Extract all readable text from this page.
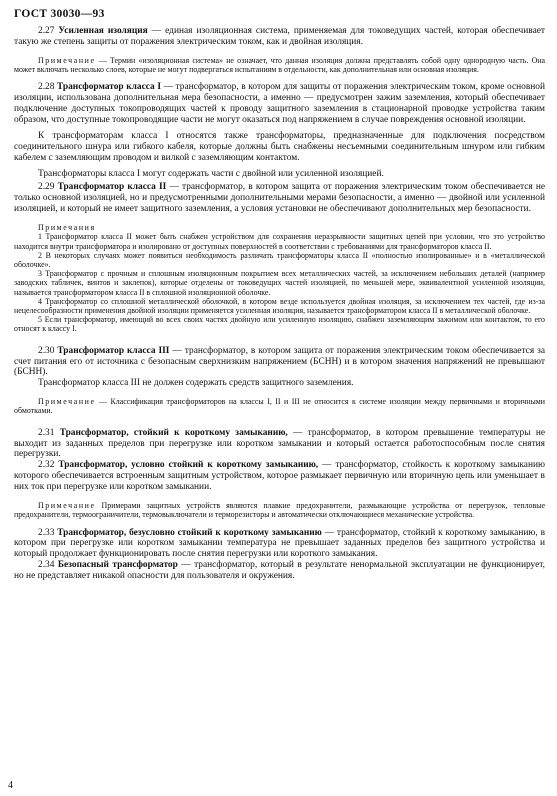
ГОСТ 30030—93

2.27 Усиленная изоляция — единая изоляционная система, применяемая для токоведущих частей, которая обеспечивает такую же степень защиты от поражения электрическим током, как и двойная изоляция.

Примечание — Термин «изоляционная система» не означает, что данная изоляция должна представлять собой одну однородную часть. Она может включать несколько слоев, которые не могут подвергаться испытаниям в отдельности, как дополнительная или основная изоляция.

2.28 Трансформатор класса I — трансформатор, в котором для защиты от поражения электрическим током, кроме основной изоляции, использована дополнительная мера безопасности, а именно — предусмотрен зажим заземления, который обеспечивает подключение доступных токопроводящих частей к проводу защитного заземления в стационарной проводке устройства таким образом, что доступные токопроводящие части не могут оказаться под напряжением в случае повреждения основной изоляции.

К трансформаторам класса I относятся также трансформаторы, предназначенные для подключения посредством соединительного шнура или гибкого кабеля, которые должны быть снабжены несъемными соединительным шнуром или гибким кабелем с заземляющим проводом и вилкой с заземляющим контактом.

Трансформаторы класса I могут содержать части с двойной или усиленной изоляцией.

2.29 Трансформатор класса II — трансформатор, в котором защита от поражения электрическим током обеспечивается не только основной изоляцией, но и предусмотренными дополнительными мерами безопасности, а именно — двойной или усиленной изоляцией, и который не имеет защитного заземления, а условия установки не обеспечивают дополнительных мер безопасности.

Примечания

1 Трансформатор класса II может быть снабжен устройством для сохранения неразрывности защитных цепей при условии, что это устройство находится внутри трансформатора и изолировано от доступных поверхностей в соответствии с требованиями для трансформаторов класса II.

2 В некоторых случаях может появиться необходимость различать трансформаторы класса II «полностью изолированные» и в «металлической оболочке».

3 Трансформатор с прочным и сплошным изоляционным покрытием всех металлических частей, за исключением небольших деталей (например заводских табличек, винтов и заклепок), которые отделены от токоведущих частей изоляцией, по меньшей мере, эквивалентной усиленной изоляции, называется трансформатором класса II в сплошной изоляционной оболочке.

4 Трансформатор со сплошной металлической оболочкой, в котором везде используется двойная изоляция, за исключением тех частей, где из-за нецелесообразности применения двойной изоляции применяется усиленная изоляция, называется трансформатором класса II в металлической оболочке.

5 Если трансформатор, имеющий во всех своих частях двойную или усиленную изоляцию, снабжен заземляющим зажимом или контактом, то его относят к классу I.

2.30 Трансформатор класса III — трансформатор, в котором защита от поражения электрическим током обеспечивается за счет питания его от источника с безопасным сверхнизким напряжением (БСНН) и в котором значения напряжений не превышают (БСНН).

Трансформатор класса III не должен содержать средств защитного заземления.

Примечание — Классификация трансформаторов на классы I, II и III не относится к системе изоляции между первичными и вторичными обмотками.

2.31 Трансформатор, стойкий к короткому замыканию, — трансформатор, в котором превышение температуры не выходит из заданных пределов при перегрузке или коротком замыкании и который остается работоспособным после снятия перегрузки.

2.32 Трансформатор, условно стойкий к короткому замыканию, — трансформатор, стойкость к короткому замыканию которого обеспечивается встроенным защитным устройством, которое размыкает первичную или вторичную цепь или уменьшает в них ток при перегрузке или коротком замыкании.

Примечание Примерами защитных устройств являются плавкие предохранители, размыкающие устройства от перегрузок, тепловые предохранители, термоограничители, термовыключатели и терморезисторы и автоматически отключающиеся механические устройства.

2.33 Трансформатор, безусловно стойкий к короткому замыканию — трансформатор, стойкий к короткому замыканию, в котором при перегрузке или коротком замыкании температура не превышает заданных пределов без защитного устройства и который продолжает функционировать после снятия перегрузки или короткого замыкания.

2.34 Безопасный трансформатор — трансформатор, который в результате ненормальной эксплуатации не функционирует, но не представляет никакой опасности для пользователя и окружения.

4
